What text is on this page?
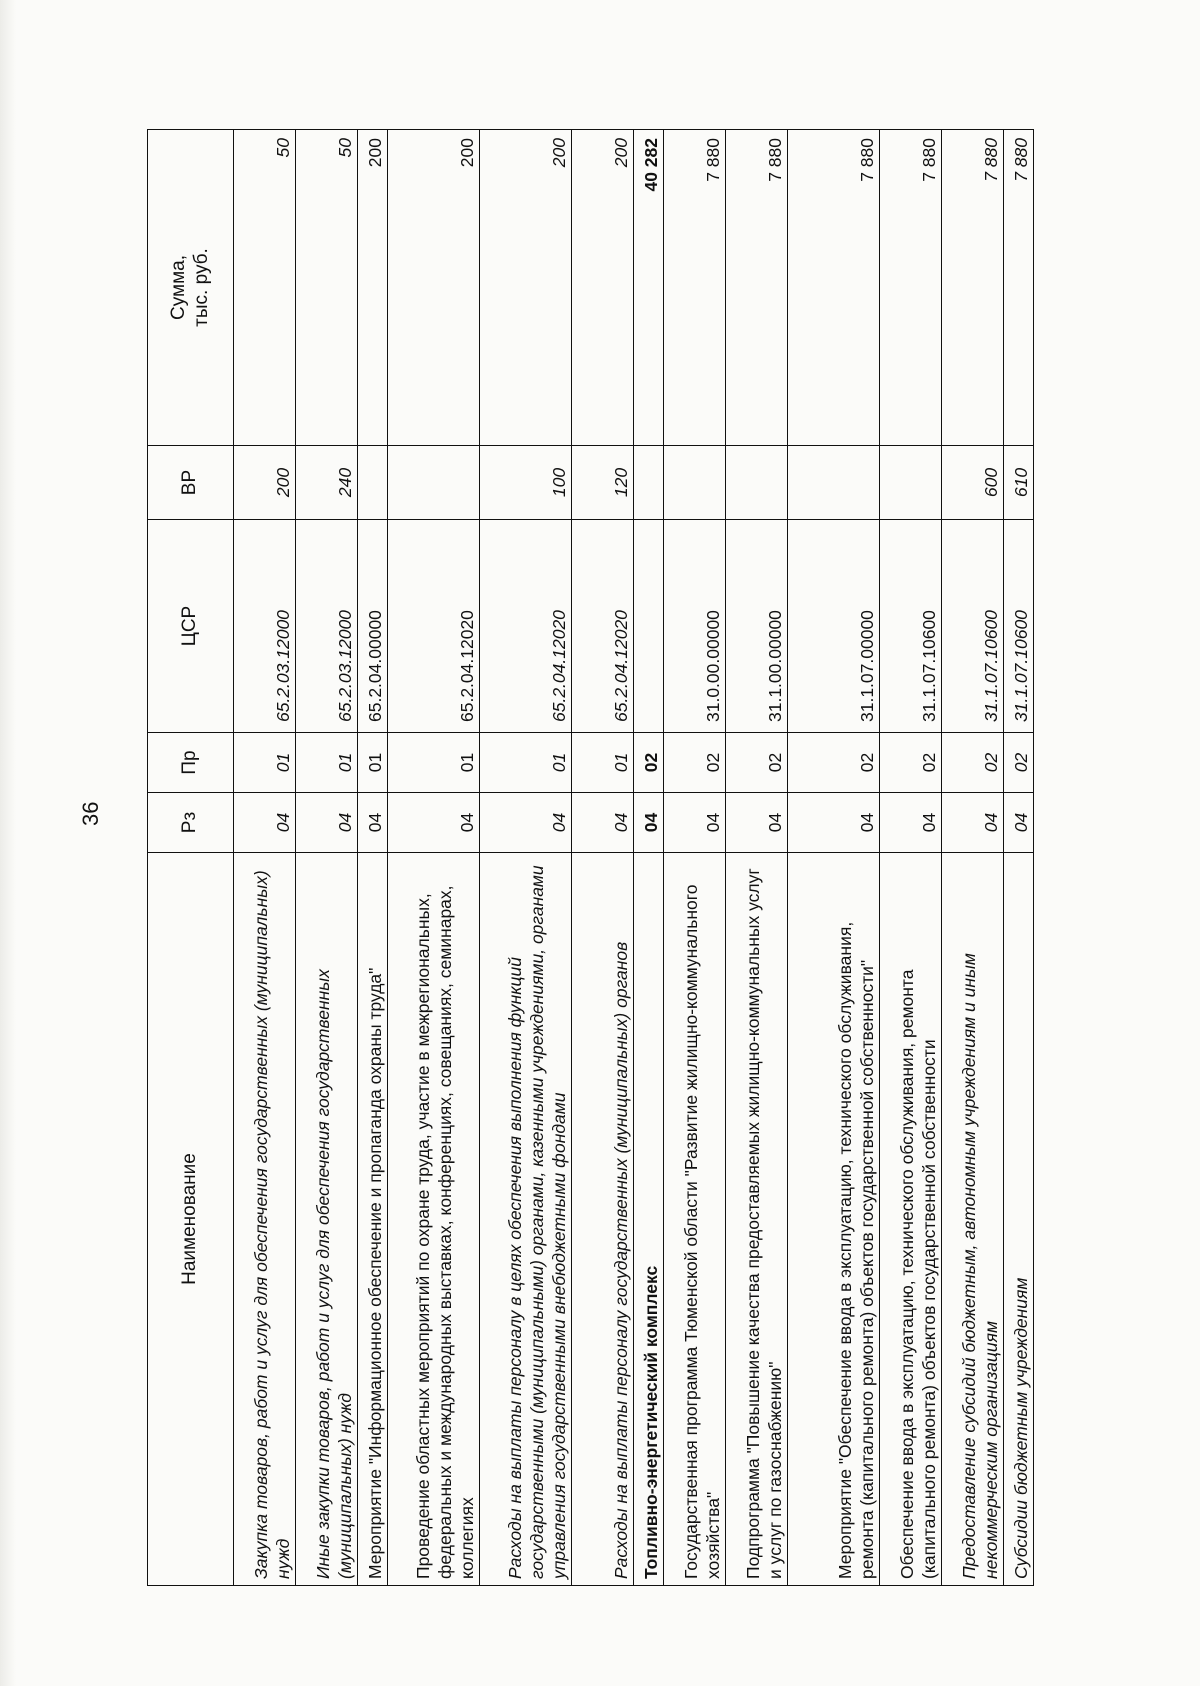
36
Наименование	Рз	Пр	ЦСР	ВР	Сумма,
тыс. руб.
Закупка товаров, работ и услуг для обеспечения государственных (муниципальных) нужд	04	01	65.2.03.12000	200	50
Иные закупки товаров, работ и услуг для обеспечения государственных (муниципальных) нужд	04	01	65.2.03.12000	240	50
Мероприятие "Информационное обеспечение и пропаганда охраны труда"	04	01	65.2.04.00000		200
Проведение областных мероприятий по охране труда, участие в межрегиональных, федеральных и международных выставках, конференциях, совещаниях, семинарах, коллегиях	04	01	65.2.04.12020		200
Расходы на выплаты персоналу в целях обеспечения выполнения функций государственными (муниципальными) органами, казенными учреждениями, органами управления государственными внебюджетными фондами	04	01	65.2.04.12020	100	200
Расходы на выплаты персоналу государственных (муниципальных) органов	04	01	65.2.04.12020	120	200
Топливно-энергетический комплекс	04	02			40 282
Государственная программа Тюменской области "Развитие жилищно-коммунального хозяйства"	04	02	31.0.00.00000		7 880
Подпрограмма "Повышение качества предоставляемых жилищно-коммунальных услуг и услуг по газоснабжению"	04	02	31.1.00.00000		7 880
Мероприятие "Обеспечение ввода в эксплуатацию, технического обслуживания, ремонта (капитального ремонта) объектов государственной собственности"	04	02	31.1.07.00000		7 880
Обеспечение ввода в эксплуатацию, технического обслуживания, ремонта (капитального ремонта) объектов государственной собственности	04	02	31.1.07.10600		7 880
Предоставление субсидий бюджетным, автономным учреждениям и иным некоммерческим организациям	04	02	31.1.07.10600	600	7 880
Субсидии бюджетным учреждениям	04	02	31.1.07.10600	610	7 880
